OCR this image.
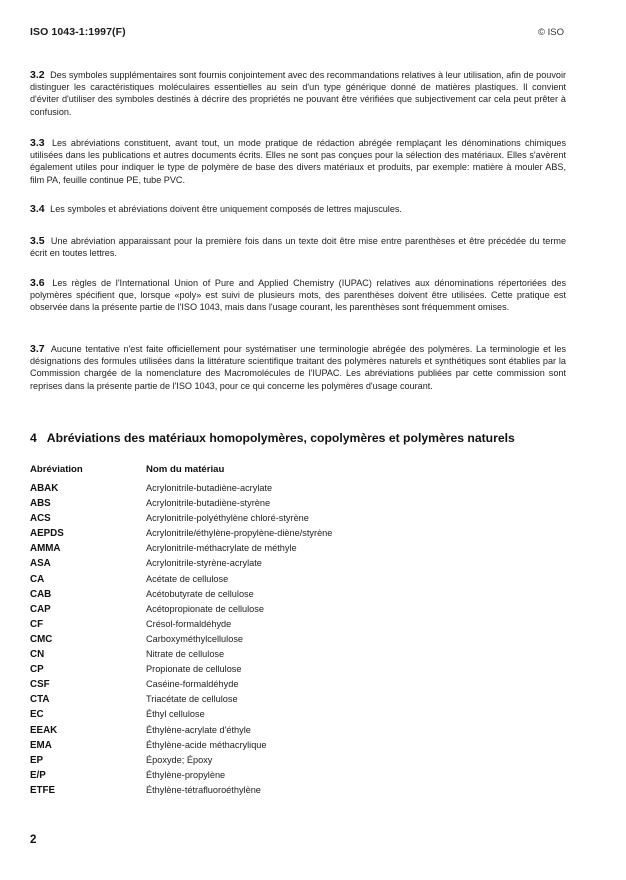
ISO 1043-1:1997(F)	© ISO
3.2 Des symboles supplémentaires sont fournis conjointement avec des recommandations relatives à leur utilisation, afin de pouvoir distinguer les caractéristiques moléculaires essentielles au sein d'un type générique donné de matières plastiques. Il convient d'éviter d'utiliser des symboles destinés à décrire des propriétés ne pouvant être vérifiées que subjectivement car cela peut prêter à confusion.
3.3 Les abréviations constituent, avant tout, un mode pratique de rédaction abrégée remplaçant les dénominations chimiques utilisées dans les publications et autres documents écrits. Elles ne sont pas conçues pour la sélection des matériaux. Elles s'avèrent également utiles pour indiquer le type de polymère de base des divers matériaux et produits, par exemple: matière à mouler ABS, film PA, feuille continue PE, tube PVC.
3.4 Les symboles et abréviations doivent être uniquement composés de lettres majuscules.
3.5 Une abréviation apparaissant pour la première fois dans un texte doit être mise entre parenthèses et être précédée du terme écrit en toutes lettres.
3.6 Les règles de l'International Union of Pure and Applied Chemistry (IUPAC) relatives aux dénominations répertoriées des polymères spécifient que, lorsque «poly» est suivi de plusieurs mots, des parenthèses doivent être utilisées. Cette pratique est observée dans la présente partie de l'ISO 1043, mais dans l'usage courant, les parenthèses sont fréquemment omises.
3.7 Aucune tentative n'est faite officiellement pour systématiser une terminologie abrégée des polymères. La terminologie et les désignations des formules utilisées dans la littérature scientifique traitant des polymères naturels et synthétiques sont établies par la Commission chargée de la nomenclature des Macromolécules de l'IUPAC. Les abréviations publiées par cette commission sont reprises dans la présente partie de l'ISO 1043, pour ce qui concerne les polymères d'usage courant.
4 Abréviations des matériaux homopolymères, copolymères et polymères naturels
Abréviation	Nom du matériau
ABAK	Acrylonitrile-butadiène-acrylate
ABS	Acrylonitrile-butadiène-styrène
ACS	Acrylonitrile-polyéthylène chloré-styrène
AEPDS	Acrylonitrile/éthylène-propylène-diène/styrène
AMMA	Acrylonitrile-méthacrylate de méthyle
ASA	Acrylonitrile-styrène-acrylate
CA	Acétate de cellulose
CAB	Acétobutyrate de cellulose
CAP	Acétopropionate de cellulose
CF	Crésol-formaldéhyde
CMC	Carboxyméthylcellulose
CN	Nitrate de cellulose
CP	Propionate de cellulose
CSF	Caséine-formaldéhyde
CTA	Triacétate de cellulose
EC	Éthyl cellulose
EEAK	Éthylène-acrylate d'éthyle
EMA	Éthylène-acide méthacrylique
EP	Époxyde; Époxy
E/P	Éthylène-propylène
ETFE	Éthylène-tétrafluoroéthylène
2
